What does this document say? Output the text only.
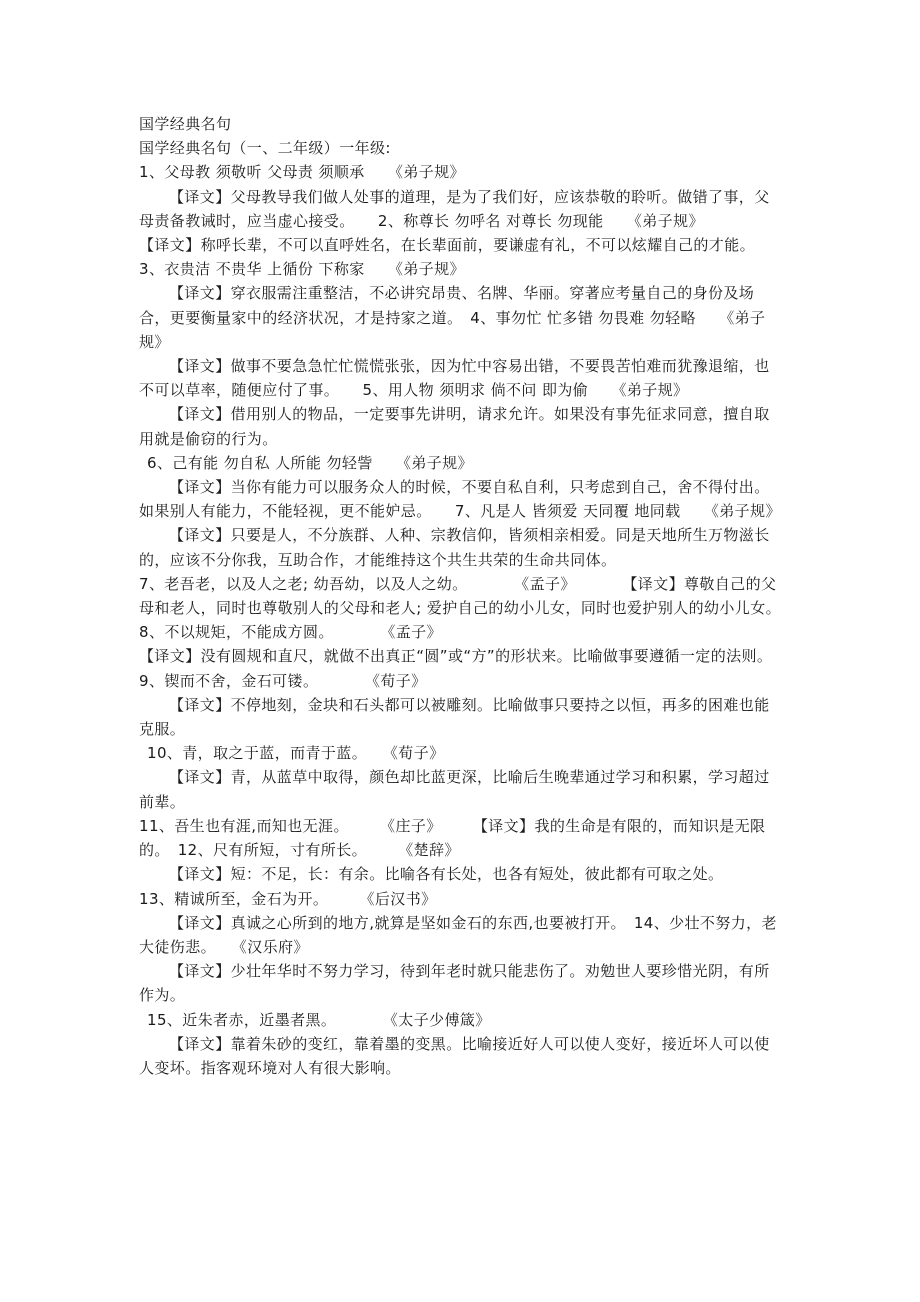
国学经典名句

国学经典名句（一、二年级）一年级:

1、父母教 须敬听 父母责 须顺承　　《弟子规》

【译文】父母教导我们做人处事的道理，是为了我们好，应该恭敬的聆听。做错了事，父母责备教诫时，应当虚心接受。　　2、称尊长 勿呼名 对尊长 勿现能　　《弟子规》

【译文】称呼长辈，不可以直呼姓名，在长辈面前，要谦虚有礼，不可以炫耀自己的才能。

3、衣贵洁 不贵华 上循份 下称家　　《弟子规》

【译文】穿衣服需注重整洁，不必讲究昂贵、名牌、华丽。穿著应考量自己的身份及场合，更要衡量家中的经济状况，才是持家之道。　4、事勿忙 忙多错 勿畏难 勿轻略　　《弟子规》

【译文】做事不要急急忙忙慌慌张张，因为忙中容易出错，不要畏苦怕难而犹豫退缩，也不可以草率，随便应付了事。　　5、用人物 须明求 倘不问 即为偷　　《弟子规》

【译文】借用别人的物品，一定要事先讲明，请求允许。如果没有事先征求同意，擅自取用就是偷窃的行为。

6、己有能 勿自私 人所能 勿轻訾　　《弟子规》

【译文】当你有能力可以服务众人的时候，不要自私自利，只考虑到自己，舍不得付出。如果别人有能力，不能轻视，更不能妒忌。　　7、凡是人 皆须爱 天同覆 地同载　　《弟子规》

【译文】只要是人，不分族群、人种、宗教信仰，皆须相亲相爱。同是天地所生万物滋长的，应该不分你我，互助合作，才能维持这个共生共荣的生命共同体。

7、老吾老，以及人之老; 幼吾幼，以及人之幼。　　　　《孟子》　　　　【译文】尊敬自己的父母和老人，同时也尊敬别人的父母和老人; 爱护自己的幼小儿女，同时也爱护别人的幼小儿女。　　8、不以规矩，不能成方圆。　　　　《孟子》

【译文】没有圆规和直尺，就做不出真正“圆”或“方”的形状来。比喻做事要遵循一定的法则。

9、锲而不舍，金石可镂。　　　　《荀子》

【译文】不停地刻，金块和石头都可以被雕刻。比喻做事只要持之以恒，再多的困难也能克服。

10、青，取之于蓝，而青于蓝。　　《荀子》

【译文】青，从蓝草中取得，颜色却比蓝更深，比喻后生晚辈通过学习和积累，学习超过前辈。

11、吾生也有涯,而知也无涯。　　　《庄子》　　　【译文】我的生命是有限的，而知识是无限的。　12、尺有所短，寸有所长。　　　《楚辞》

【译文】短：不足，长：有余。比喻各有长处，也各有短处，彼此都有可取之处。

13、精诚所至，金石为开。　　　《后汉书》

【译文】真诚之心所到的地方,就算是坚如金石的东西,也要被打开。　14、少壮不努力，老大徒伤悲。　　《汉乐府》

【译文】少壮年华时不努力学习，待到年老时就只能悲伤了。劝勉世人要珍惜光阴，有所作为。

15、近朱者赤，近墨者黑。　　　　《太子少傅箴》

【译文】靠着朱砂的变红，靠着墨的变黑。比喻接近好人可以使人变好，接近坏人可以使人变坏。指客观环境对人有很大影响。
